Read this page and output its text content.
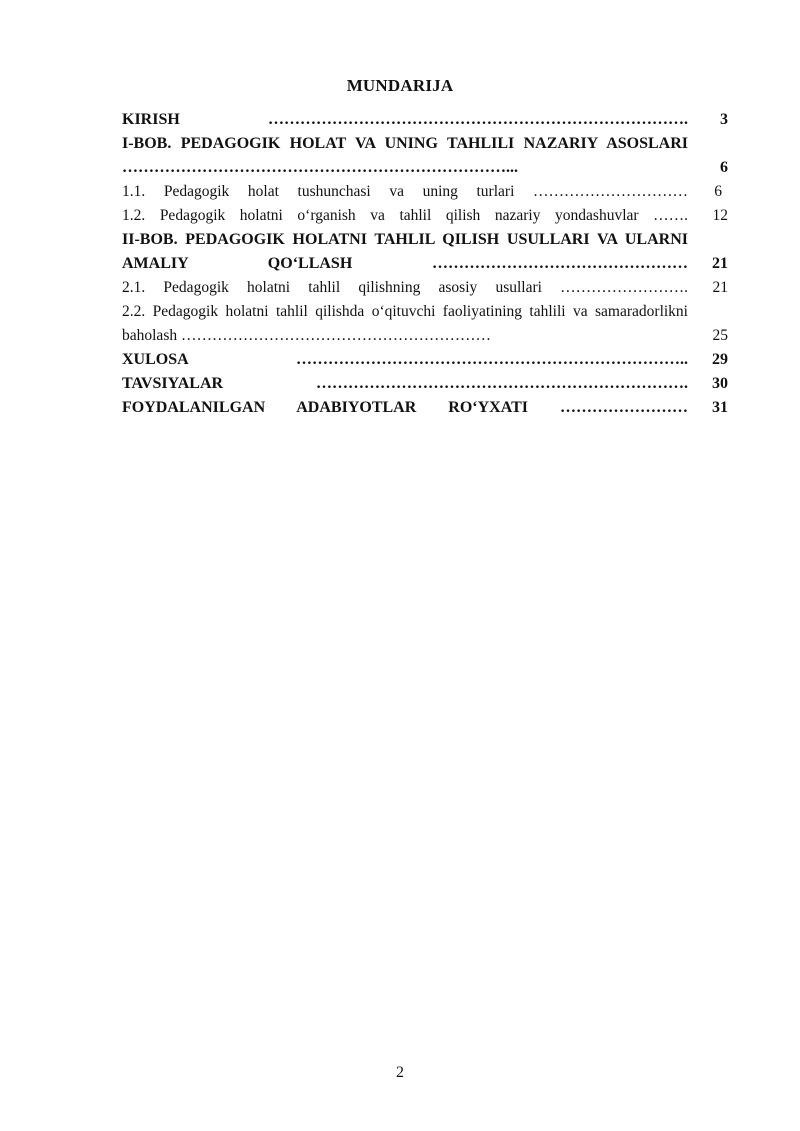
MUNDARIJA
KIRISH …………………………………………………………………….	3
I-BOB. PEDAGOGIK HOLAT VA UNING TAHLILI NAZARIY ASOSLARI ………………………………………………………………...	6
1.1. Pedagogik holat tushunchasi va uning turlari …………………………	6
1.2. Pedagogik holatni o‘rganish va tahlil qilish nazariy yondashuvlar …….	12
II-BOB. PEDAGOGIK HOLATNI TAHLIL QILISH USULLARI VA ULARNI AMALIY QO‘LLASH …………………………………………	21
2.1. Pedagogik holatni tahlil qilishning asosiy usullari …………………….	21
2.2. Pedagogik holatni tahlil qilishda o‘qituvchi faoliyatining tahlili va samaradorlikni baholash ……………………………………………………	25
XULOSA ………………………………………………………………..	29
TAVSIYALAR …………………………………………………………….	30
FOYDALANILGAN ADABIYOTLAR RO‘YXATI ……………………	31
2
